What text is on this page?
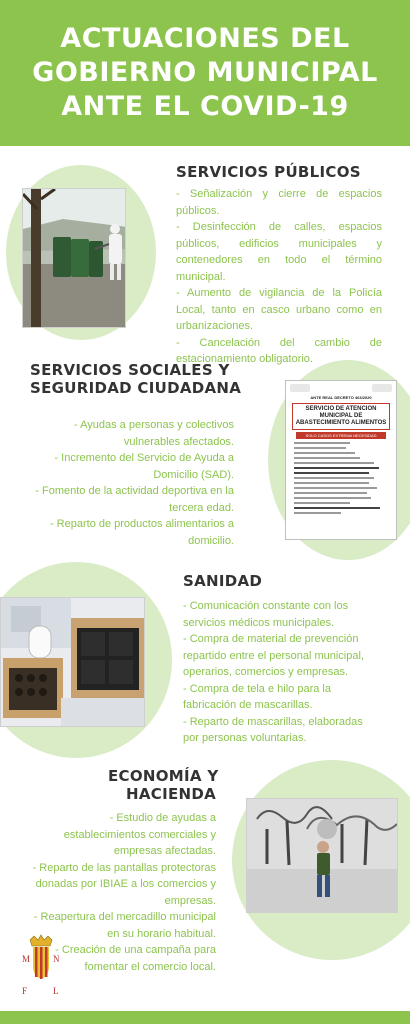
ACTUACIONES DEL
GOBIERNO MUNICIPAL
ANTE EL COVID-19
SERVICIOS PÚBLICOS

- Señalización y cierre de espacios públicos.

- Desinfección de calles, espacios públicos, edificios municipales y contenedores en todo el término municipal.

- Aumento de vigilancia de la Policía Local, tanto en casco urbano como en urbanizaciones.

- Cancelación del cambio de estacionamiento obligatorio.

SERVICIOS SOCIALES Y
SEGURIDAD CIUDADANA

- Ayudas a personas y colectivos vulnerables afectados.

- Incremento del Servicio de Ayuda a Domicilio (SAD).

- Fomento de la actividad deportiva en la tercera edad.

- Reparto de productos alimentarios a domicilio.

ANTE REAL DECRETO 463/2020
SERVICIO DE ATENCION MUNICIPAL DE ABASTECIMIENTO ALIMENTOS
SOLO CASOS EXTREMA NECESIDAD
SANIDAD

- Comunicación constante con los servicios médicos municipales.

- Compra de material de prevención repartido entre el personal municipal, operarios, comercios y empresas.

- Compra de tela e hilo para la fabricación de mascarillas.

- Reparto de mascarillas, elaboradas por personas voluntarias.

ECONOMÍA Y
HACIENDA

- Estudio de ayudas a establecimientos comerciales y empresas afectadas.

- Reparto de las pantallas protectoras donadas por IBIAE a los comercios y empresas.

- Reapertura del mercadillo municipal en su horario habitual.

- Creación de una campaña para fomentar el comercio local.

M	N
F	L
